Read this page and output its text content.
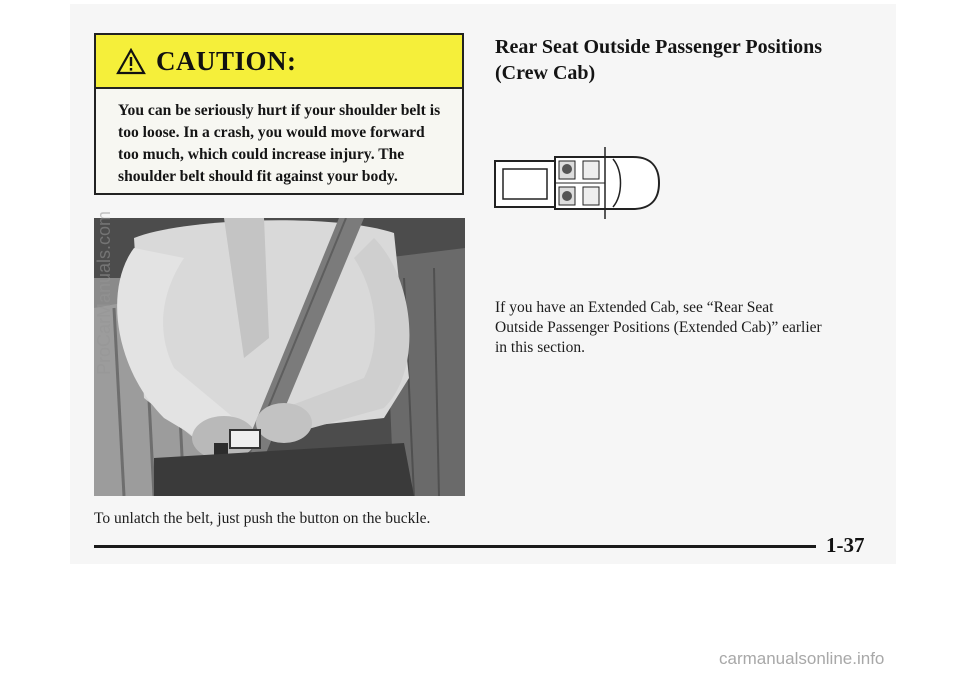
CAUTION:
You can be seriously hurt if your shoulder belt is too loose. In a crash, you would move forward too much, which could increase injury. The shoulder belt should fit against your body.
To unlatch the belt, just push the button on the buckle.
Rear Seat Outside Passenger Positions
(Crew Cab)
If you have an Extended Cab, see “Rear Seat Outside Passenger Positions (Extended Cab)” earlier in this section.
1-37
ProCarManuals.com
carmanualsonline.info
